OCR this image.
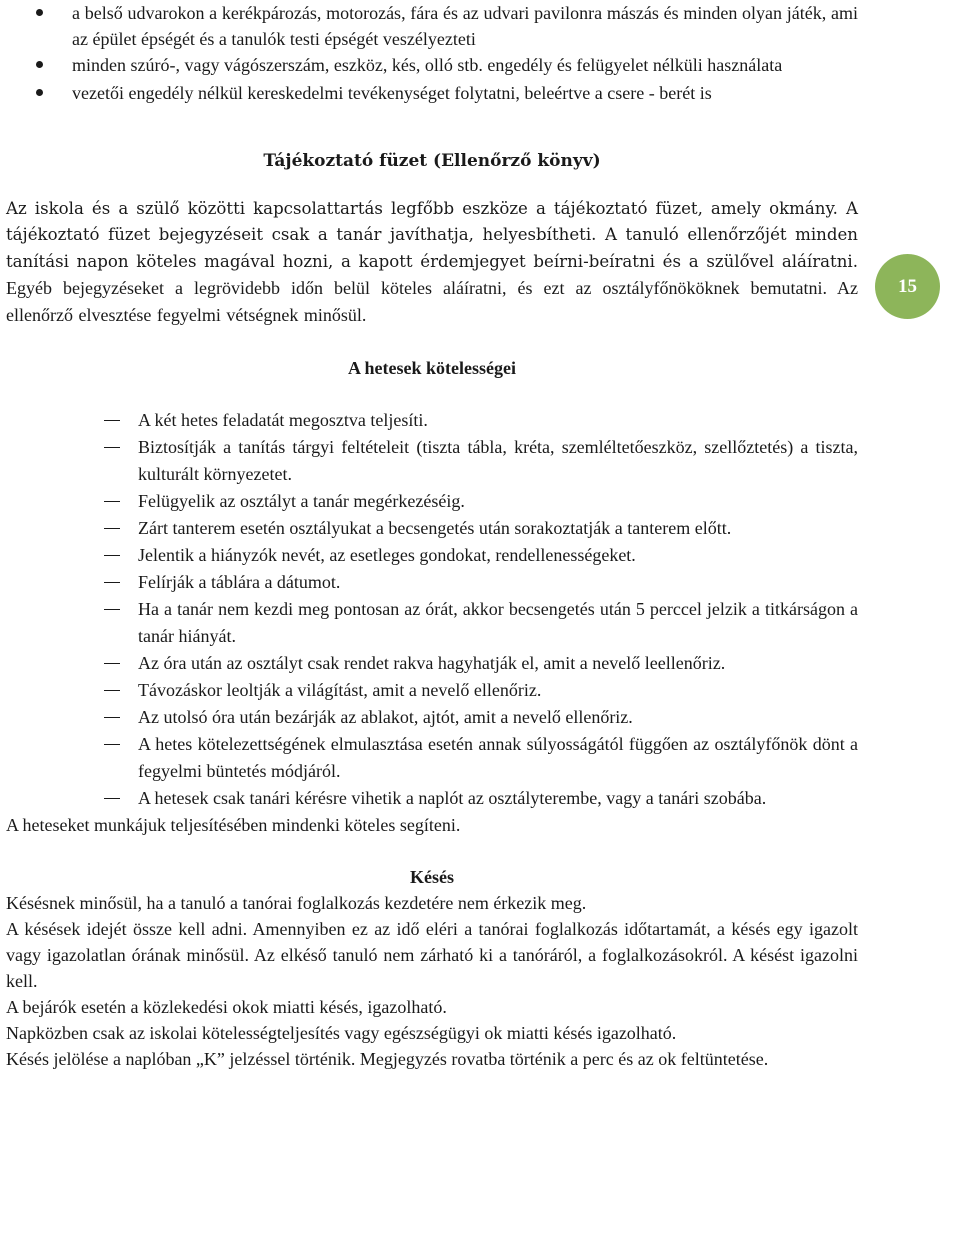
a belső udvarokon a kerékpározás, motorozás, fára és az udvari pavilonra mászás és minden olyan játék, ami az épület épségét és a tanulók testi épségét veszélyezteti
minden szúró-, vagy vágószerszám, eszköz, kés, olló stb. engedély és felügyelet nélküli használata
vezetői engedély nélkül kereskedelmi tevékenységet folytatni, beleértve a csere - berét is
Tájékoztató füzet (Ellenőrző könyv)

Az iskola és a szülő közötti kapcsolattartás legfőbb eszköze a tájékoztató füzet, amely okmány. A tájékoztató füzet bejegyzéseit csak a tanár javíthatja, helyesbítheti. A tanuló ellenőrzőjét minden tanítási napon köteles magával hozni, a kapott érdemjegyet beírni-beíratni és a szülővel aláíratni. Egyéb bejegyzéseket a legrövidebb időn belül köteles aláíratni, és ezt az osztályfőnököknek bemutatni. Az ellenőrző elvesztése fegyelmi vétségnek minősül.

A hetesek kötelességei
A két hetes feladatát megosztva teljesíti.
Biztosítják a tanítás tárgyi feltételeit (tiszta tábla, kréta, szemléltetőeszköz, szellőztetés) a tiszta, kulturált környezetet.
Felügyelik az osztályt a tanár megérkezéséig.
Zárt tanterem esetén osztályukat a becsengetés után sorakoztatják a tanterem előtt.
Jelentik a hiányzók nevét, az esetleges gondokat, rendellenességeket.
Felírják a táblára a dátumot.
Ha a tanár nem kezdi meg pontosan az órát, akkor becsengetés után 5 perccel jelzik a titkárságon a tanár hiányát.
Az óra után az osztályt csak rendet rakva hagyhatják el, amit a nevelő leellenőriz.
Távozáskor leoltják a világítást, amit a nevelő ellenőriz.
Az utolsó óra után bezárják az ablakot, ajtót, amit a nevelő ellenőriz.
A hetes kötelezettségének elmulasztása esetén annak súlyosságától függően az osztályfőnök dönt a fegyelmi büntetés módjáról.
A hetesek csak tanári kérésre vihetik a naplót az osztályterembe, vagy a tanári szobába.

A heteseket munkájuk teljesítésében mindenki köteles segíteni.

Késés

Késésnek minősül, ha a tanuló a tanórai foglalkozás kezdetére nem érkezik meg.

A késések idejét össze kell adni. Amennyiben ez az idő eléri a tanórai foglalkozás időtartamát, a késés egy igazolt vagy igazolatlan órának minősül. Az elkéső tanuló nem zárható ki a tanóráról, a foglalkozásokról. A késést igazolni kell.

A bejárók esetén a közlekedési okok miatti késés, igazolható.

Napközben csak az iskolai kötelességteljesítés vagy egészségügyi ok miatti késés igazolható.

Késés jelölése a naplóban „K” jelzéssel történik. Megjegyzés rovatba történik a perc és az ok feltüntetése.

15
